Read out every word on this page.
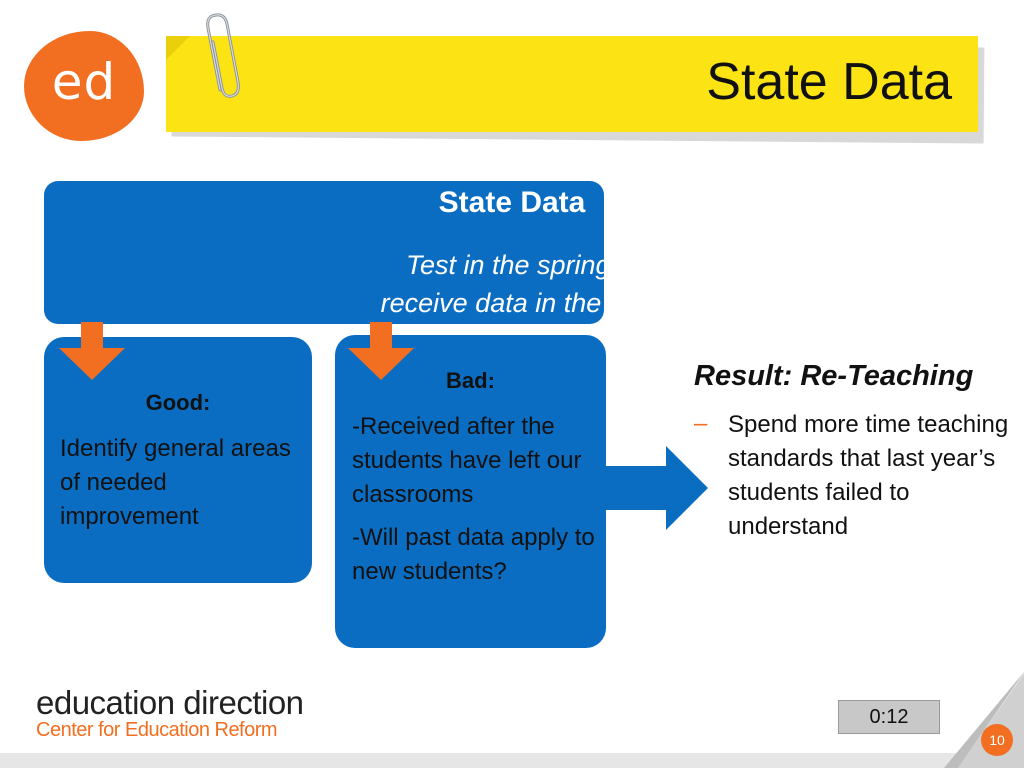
ed	State Data
State Data
Test in the spring,
receive data in the fall
Good:
Identify general areas of needed improvement
Bad:
-Received after the students have left our classrooms
-Will past data apply to new students?
Result: Re-Teaching
– Spend more time teaching standards that last year’s students failed to understand
education direction
Center for Education Reform
0:12
10
